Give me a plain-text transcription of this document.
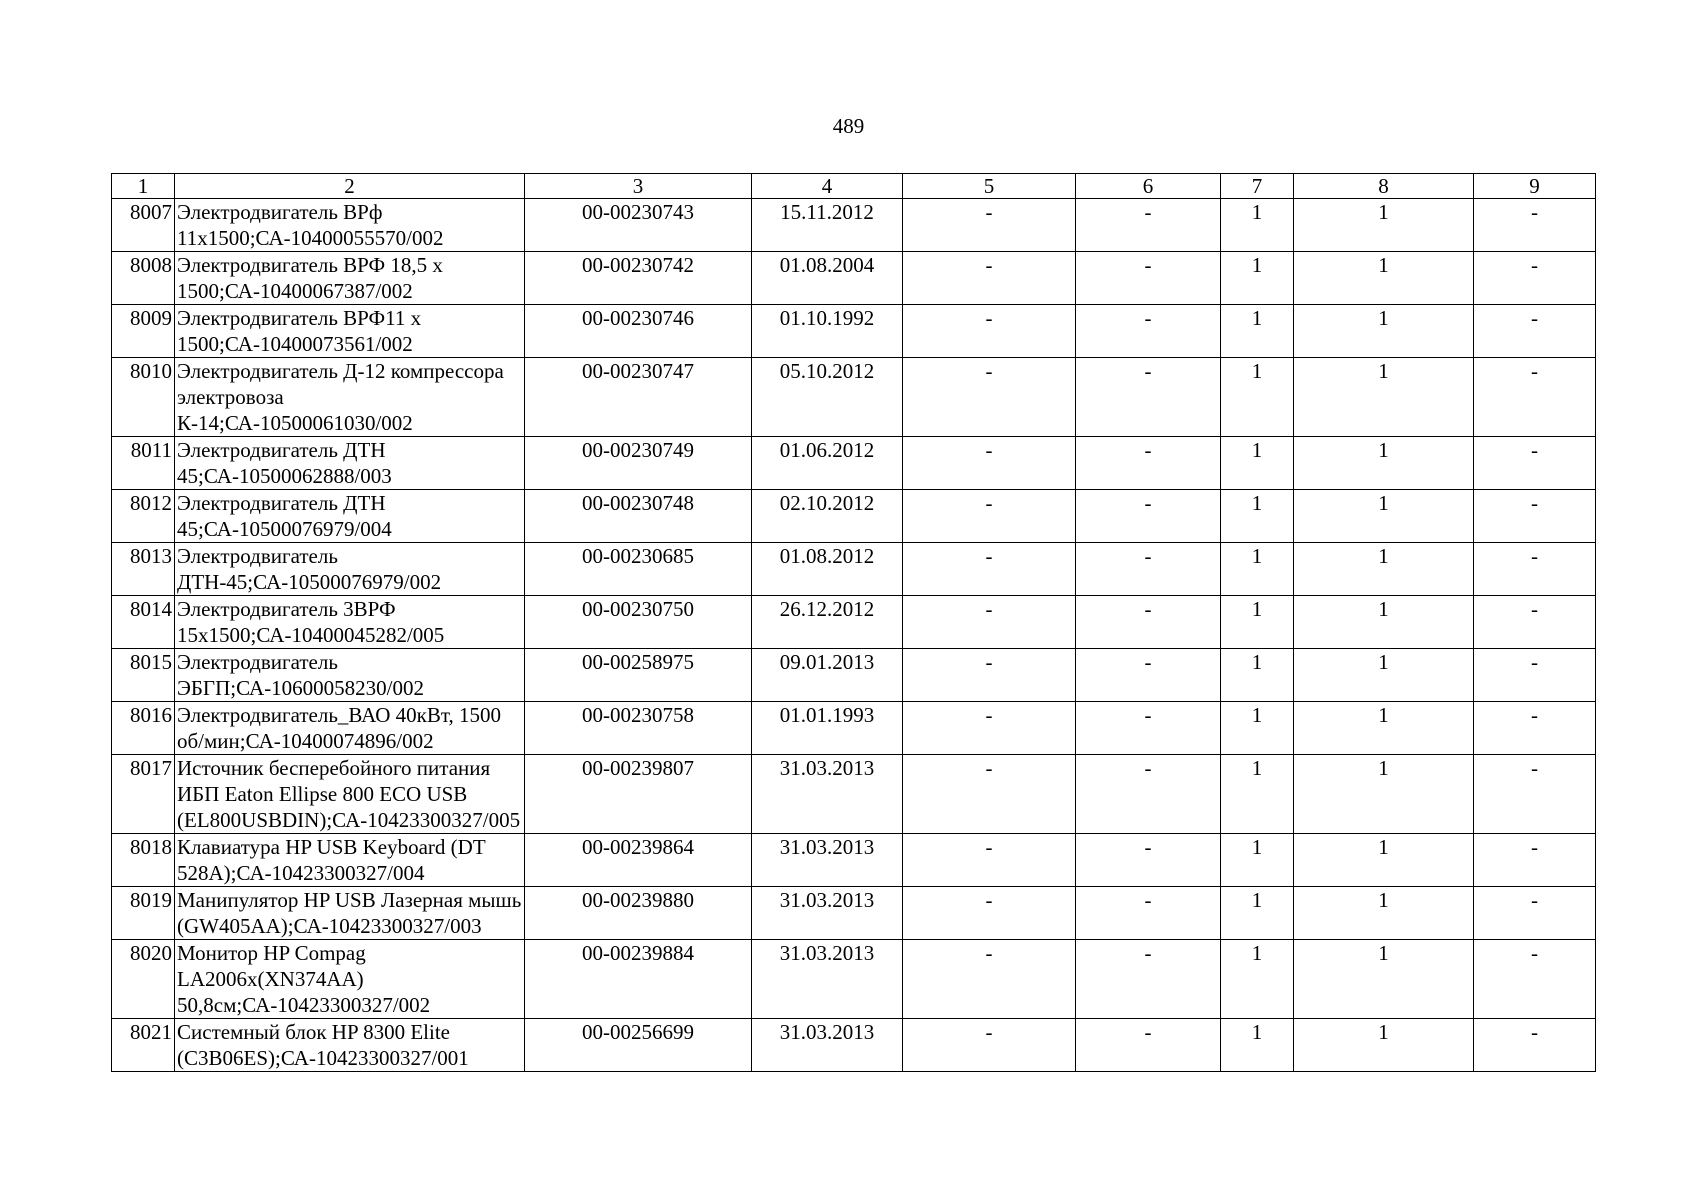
489
1	2	3	4	5	6	7	8	9
8007	Электродвигатель ВРф 11х1500;СА-10400055570/002	00-00230743	15.11.2012	-	-	1	1	-
8008	Электродвигатель ВРФ 18,5 х 1500;СА-10400067387/002	00-00230742	01.08.2004	-	-	1	1	-
8009	Электродвигатель ВРФ11 х 1500;СА-10400073561/002	00-00230746	01.10.1992	-	-	1	1	-
8010	Электродвигатель Д-12 компрессора электровоза К-14;СА-10500061030/002	00-00230747	05.10.2012	-	-	1	1	-
8011	Электродвигатель ДТН 45;СА-10500062888/003	00-00230749	01.06.2012	-	-	1	1	-
8012	Электродвигатель ДТН 45;СА-10500076979/004	00-00230748	02.10.2012	-	-	1	1	-
8013	Электродвигатель ДТН-45;СА-10500076979/002	00-00230685	01.08.2012	-	-	1	1	-
8014	Электродвигатель 3ВРФ 15х1500;СА-10400045282/005	00-00230750	26.12.2012	-	-	1	1	-
8015	Электродвигатель ЭБГП;СА-10600058230/002	00-00258975	09.01.2013	-	-	1	1	-
8016	Электродвигатель_ВАО 40кВт, 1500 об/мин;СА-10400074896/002	00-00230758	01.01.1993	-	-	1	1	-
8017	Источник бесперебойного питания ИБП Eaton Ellipse 800 ECO USB (EL800USBDIN);СА-10423300327/005	00-00239807	31.03.2013	-	-	1	1	-
8018	Клавиатура HP USB Keyboard (DT 528A);СА-10423300327/004	00-00239864	31.03.2013	-	-	1	1	-
8019	Манипулятор HP USB Лазерная мышь (GW405AA);СА-10423300327/003	00-00239880	31.03.2013	-	-	1	1	-
8020	Монитор HP Compag LA2006x(XN374AA) 50,8см;СА-10423300327/002	00-00239884	31.03.2013	-	-	1	1	-
8021	Системный блок HP 8300 Elite (C3B06ES);СА-10423300327/001	00-00256699	31.03.2013	-	-	1	1	-
